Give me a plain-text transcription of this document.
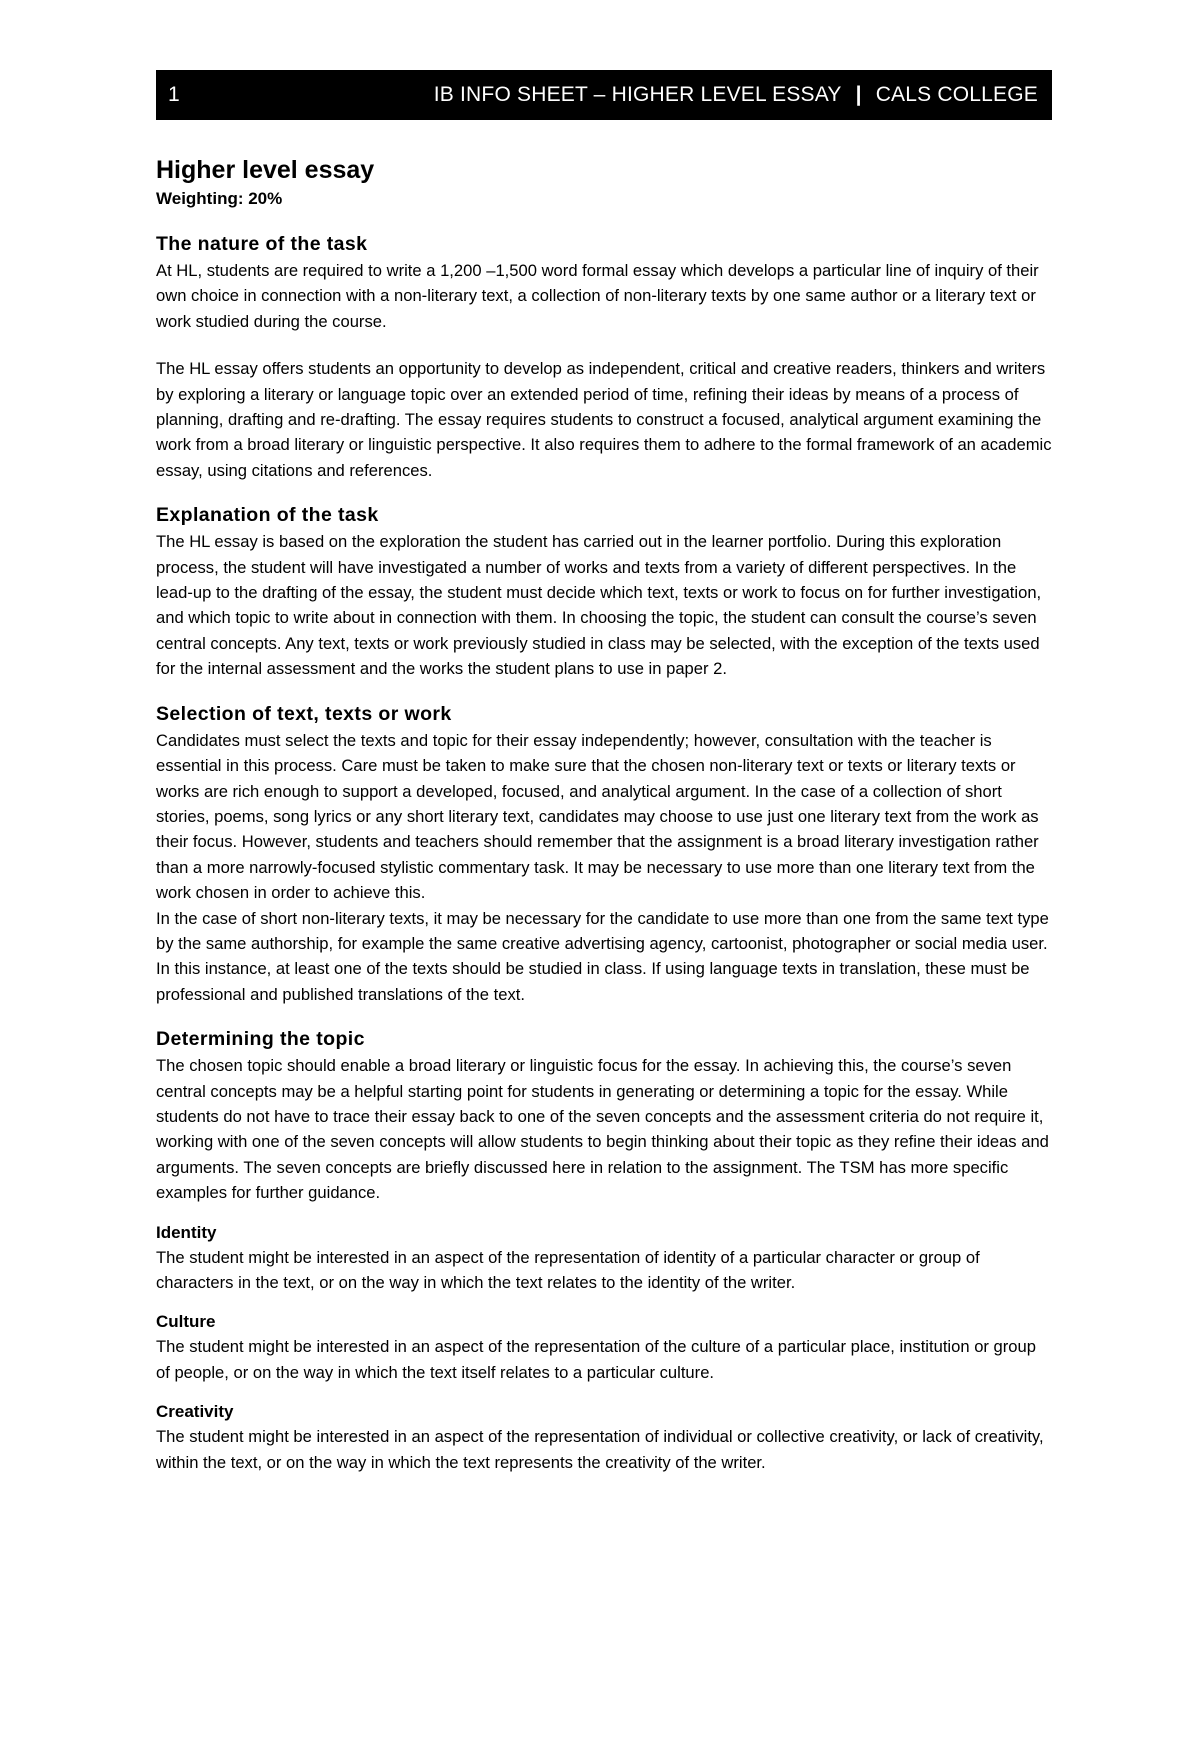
1	IB INFO SHEET – HIGHER LEVEL ESSAY | CALS COLLEGE
Higher level essay
Weighting: 20%
The nature of the task

At HL, students are required to write a 1,200 –1,500 word formal essay which develops a particular line of inquiry of their own choice in connection with a non-literary text, a collection of non-literary texts by one same author or a literary text or work studied during the course.

The HL essay offers students an opportunity to develop as independent, critical and creative readers, thinkers and writers by exploring a literary or language topic over an extended period of time, refining their ideas by means of a process of planning, drafting and re-drafting. The essay requires students to construct a focused, analytical argument examining the work from a broad literary or linguistic perspective. It also requires them to adhere to the formal framework of an academic essay, using citations and references.

Explanation of the task

The HL essay is based on the exploration the student has carried out in the learner portfolio. During this exploration process, the student will have investigated a number of works and texts from a variety of different perspectives. In the lead-up to the drafting of the essay, the student must decide which text, texts or work to focus on for further investigation, and which topic to write about in connection with them. In choosing the topic, the student can consult the course’s seven central concepts. Any text, texts or work previously studied in class may be selected, with the exception of the texts used for the internal assessment and the works the student plans to use in paper 2.

Selection of text, texts or work

Candidates must select the texts and topic for their essay independently; however, consultation with the teacher is essential in this process. Care must be taken to make sure that the chosen non-literary text or texts or literary texts or works are rich enough to support a developed, focused, and analytical argument. In the case of a collection of short stories, poems, song lyrics or any short literary text, candidates may choose to use just one literary text from the work as their focus. However, students and teachers should remember that the assignment is a broad literary investigation rather than a more narrowly-focused stylistic commentary task. It may be necessary to use more than one literary text from the work chosen in order to achieve this.

In the case of short non-literary texts, it may be necessary for the candidate to use more than one from the same text type by the same authorship, for example the same creative advertising agency, cartoonist, photographer or social media user. In this instance, at least one of the texts should be studied in class. If using language texts in translation, these must be professional and published translations of the text.

Determining the topic

The chosen topic should enable a broad literary or linguistic focus for the essay. In achieving this, the course’s seven central concepts may be a helpful starting point for students in generating or determining a topic for the essay. While students do not have to trace their essay back to one of the seven concepts and the assessment criteria do not require it, working with one of the seven concepts will allow students to begin thinking about their topic as they refine their ideas and arguments. The seven concepts are briefly discussed here in relation to the assignment. The TSM has more specific examples for further guidance.

Identity

The student might be interested in an aspect of the representation of identity of a particular character or group of characters in the text, or on the way in which the text relates to the identity of the writer.

Culture

The student might be interested in an aspect of the representation of the culture of a particular place, institution or group of people, or on the way in which the text itself relates to a particular culture.

Creativity

The student might be interested in an aspect of the representation of individual or collective creativity, or lack of creativity, within the text, or on the way in which the text represents the creativity of the writer.
